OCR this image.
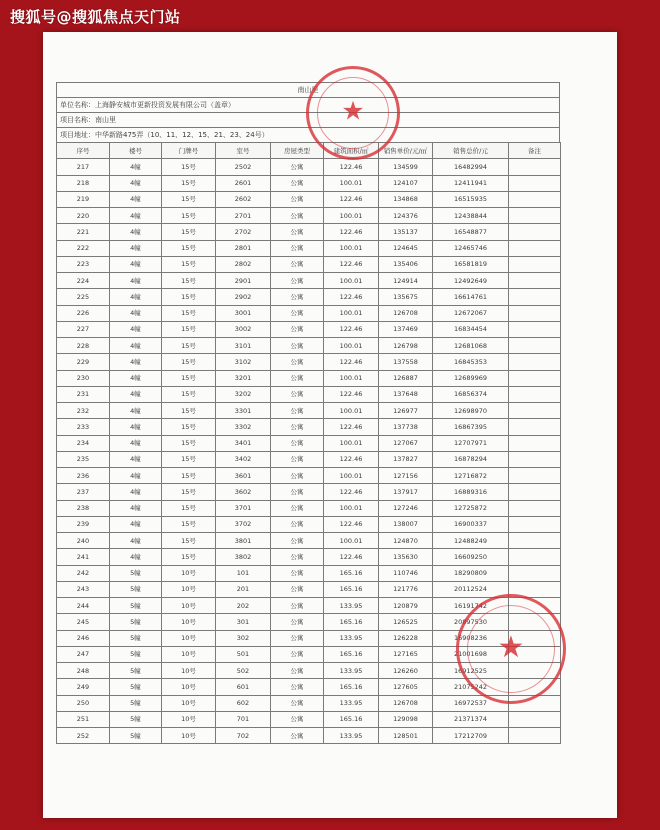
搜狐号@搜狐焦点天门站
南山里
单位名称：上海静安城市更新投资发展有限公司（盖章）
项目名称：南山里
项目地址：中华新路475弄（10、11、12、15、21、23、24号）
序号	楼号	门牌号	室号	房屋类型	建筑面积/㎡	销售单价/元/㎡	销售总价/元	备注
217	4幢	15号	2502	公寓	122.46	134599	16482994	
218	4幢	15号	2601	公寓	100.01	124107	12411941	
219	4幢	15号	2602	公寓	122.46	134868	16515935	
220	4幢	15号	2701	公寓	100.01	124376	12438844	
221	4幢	15号	2702	公寓	122.46	135137	16548877	
222	4幢	15号	2801	公寓	100.01	124645	12465746	
223	4幢	15号	2802	公寓	122.46	135406	16581819	
224	4幢	15号	2901	公寓	100.01	124914	12492649	
225	4幢	15号	2902	公寓	122.46	135675	16614761	
226	4幢	15号	3001	公寓	100.01	126708	12672067	
227	4幢	15号	3002	公寓	122.46	137469	16834454	
228	4幢	15号	3101	公寓	100.01	126798	12681068	
229	4幢	15号	3102	公寓	122.46	137558	16845353	
230	4幢	15号	3201	公寓	100.01	126887	12689969	
231	4幢	15号	3202	公寓	122.46	137648	16856374	
232	4幢	15号	3301	公寓	100.01	126977	12698970	
233	4幢	15号	3302	公寓	122.46	137738	16867395	
234	4幢	15号	3401	公寓	100.01	127067	12707971	
235	4幢	15号	3402	公寓	122.46	137827	16878294	
236	4幢	15号	3601	公寓	100.01	127156	12716872	
237	4幢	15号	3602	公寓	122.46	137917	16889316	
238	4幢	15号	3701	公寓	100.01	127246	12725872	
239	4幢	15号	3702	公寓	122.46	138007	16900337	
240	4幢	15号	3801	公寓	100.01	124870	12488249	
241	4幢	15号	3802	公寓	122.46	135630	16609250	
242	5幢	10号	101	公寓	165.16	110746	18290809	
243	5幢	10号	201	公寓	165.16	121776	20112524	
244	5幢	10号	202	公寓	133.95	120879	16191742	
245	5幢	10号	301	公寓	165.16	126525	20897530	
246	5幢	10号	302	公寓	133.95	126228	16908236	
247	5幢	10号	501	公寓	165.16	127165	21001698	
248	5幢	10号	502	公寓	133.95	126260	16912525	
249	5幢	10号	601	公寓	165.16	127605	21075242	
250	5幢	10号	602	公寓	133.95	126708	16972537	
251	5幢	10号	701	公寓	165.16	129098	21371374	
252	5幢	10号	702	公寓	133.95	128501	17212709	
★
★
